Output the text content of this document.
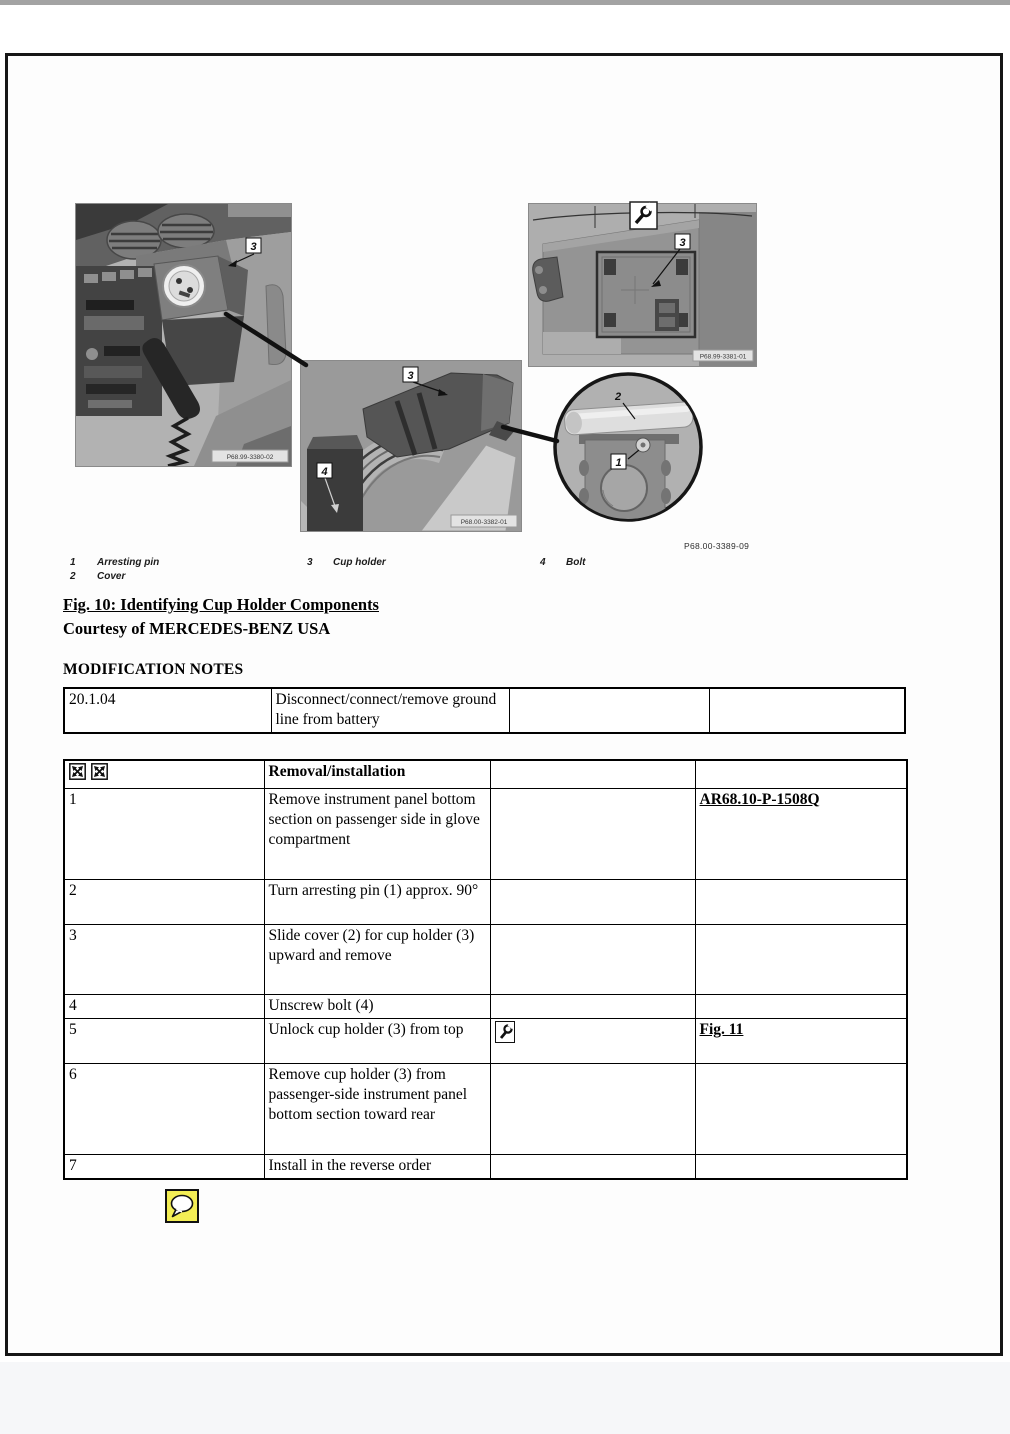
3
P68.99-3380-02
3
P68.99-3381-01
3
4
P68.00-3382-01
2
1
P68.00-3389-09
1 Arresting pin
2 Cover
3 Cup holder	4 Bolt
Fig. 10: Identifying Cup Holder Components
Courtesy of MERCEDES-BENZ USA
MODIFICATION NOTES
20.1.04	Disconnect/connect/remove ground line from battery		
	Removal/installation		
1	Remove instrument panel bottom section on passenger side in glove compartment		AR68.10-P-1508Q
2	Turn arresting pin (1) approx. 90°		
3	Slide cover (2) for cup holder (3) upward and remove		
4	Unscrew bolt (4)		
5	Unlock cup holder (3) from top		Fig. 11
6	Remove cup holder (3) from passenger-side instrument panel bottom section toward rear		
7	Install in the reverse order		
